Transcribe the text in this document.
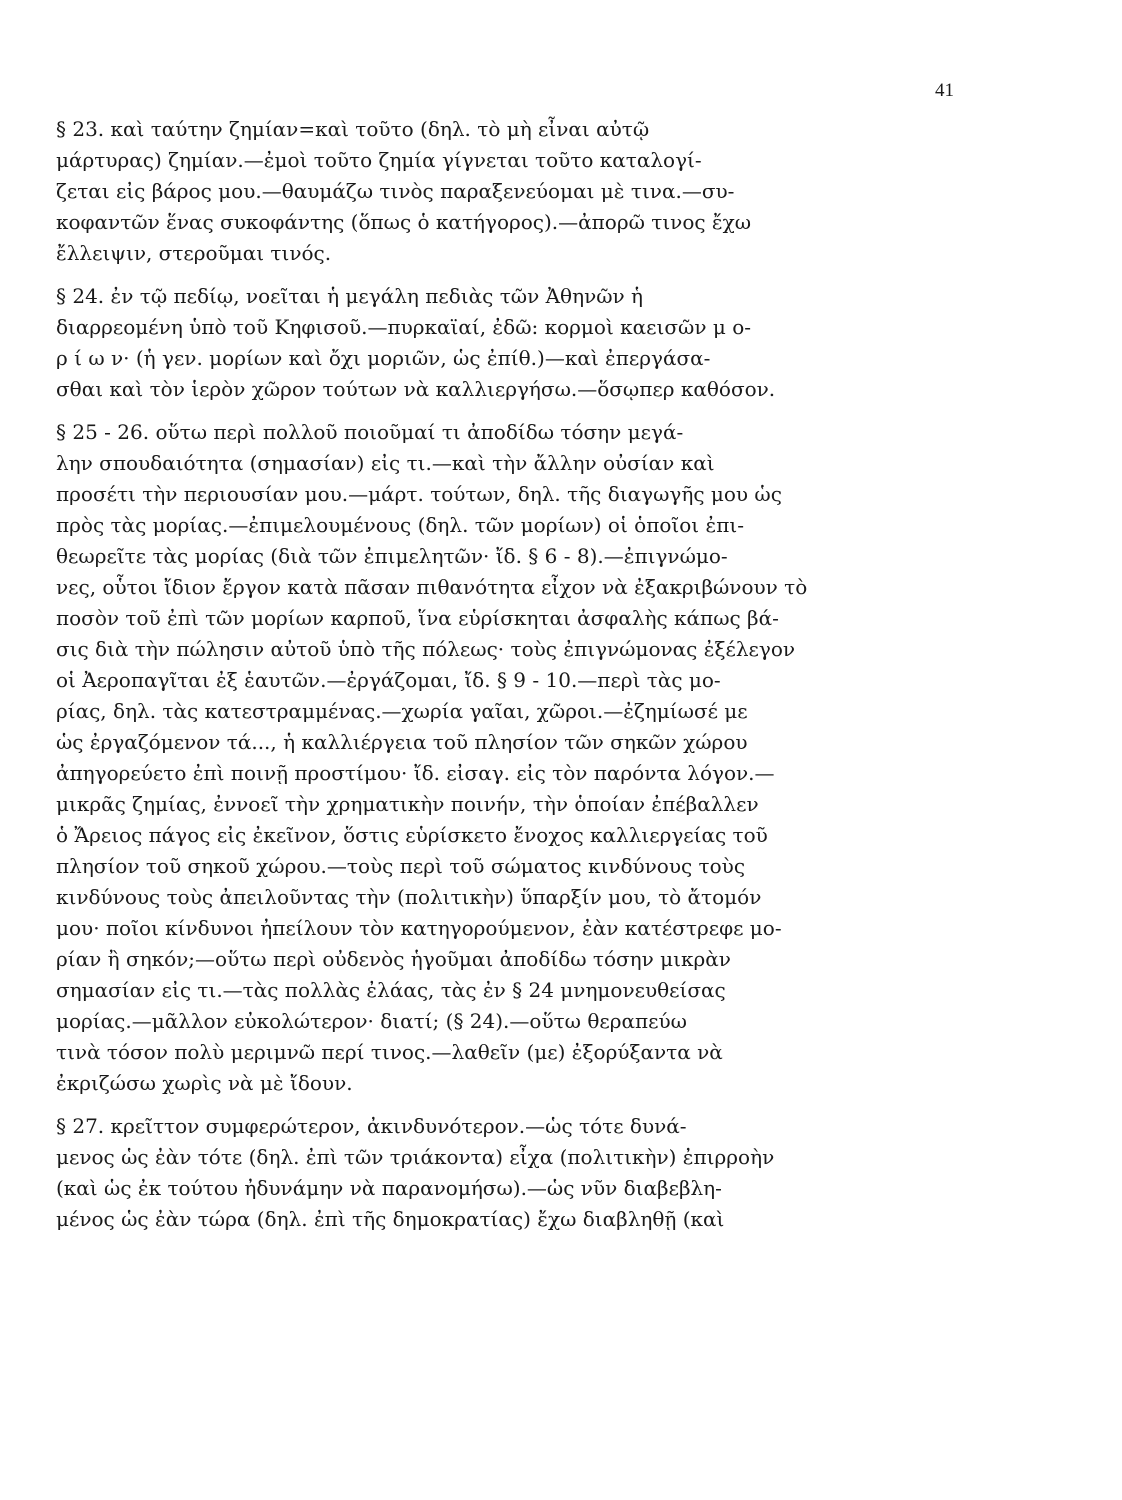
41
§ 23. καὶ ταύτην ζημίαν=καὶ τοῦτο (δηλ. τὸ μὴ εἶναι αὐτῷ
μάρτυρας) ζημίαν.—ἐμοὶ τοῦτο ζημία γίγνεται τοῦτο καταλογί-
ζεται εἰς βάρος μου.—θαυμάζω τινὸς παραξενεύομαι μὲ τινα.—συ-
κοφαντῶν ἕνας συκοφάντης (ὅπως ὁ κατήγορος).—ἀπορῶ τινος ἔχω
ἔλλειψιν, στεροῦμαι τινός.
§ 24. ἐν τῷ πεδίῳ, νοεῖται ἡ μεγάλη πεδιὰς τῶν Ἀθηνῶν ἡ
διαρρεομένη ὑπὸ τοῦ Κηφισοῦ.—πυρκαϊαί, ἐδῶ: κορμοὶ καεισῶν μ ο-
ρ ί ω ν· (ἡ γεν. μορίων καὶ ὄχι μοριῶν, ὡς ἐπίθ.)—καὶ ἐπεργάσα-
σθαι καὶ τὸν ἱερὸν χῶρον τούτων νὰ καλλιεργήσω.—ὅσῳπερ καθόσον.
§ 25 - 26. οὕτω περὶ πολλοῦ ποιοῦμαί τι ἀποδίδω τόσην μεγά-
λην σπουδαιότητα (σημασίαν) εἰς τι.—καὶ τὴν ἄλλην οὐσίαν καὶ
προσέτι τὴν περιουσίαν μου.—μάρτ. τούτων, δηλ. τῆς διαγωγῆς μου ὡς
πρὸς τὰς μορίας.—ἐπιμελουμένους (δηλ. τῶν μορίων) οἱ ὁποῖοι ἐπι-
θεωρεῖτε τὰς μορίας (διὰ τῶν ἐπιμελητῶν· ἴδ. § 6 - 8).—ἐπιγνώμο-
νες, οὗτοι ἴδιον ἔργον κατὰ πᾶσαν πιθανότητα εἶχον νὰ ἐξακριβώνουν τὸ
ποσὸν τοῦ ἐπὶ τῶν μορίων καρποῦ, ἵνα εὑρίσκηται ἀσφαλὴς κάπως βά-
σις διὰ τὴν πώλησιν αὐτοῦ ὑπὸ τῆς πόλεως· τοὺς ἐπιγνώμονας ἐξέλεγον
οἱ Ἀεροπαγῖται ἐξ ἑαυτῶν.—ἐργάζομαι, ἴδ. § 9 - 10.—περὶ τὰς μο-
ρίας, δηλ. τὰς κατεστραμμένας.—χωρία γαῖαι, χῶροι.—ἐζημίωσέ με
ὡς ἐργαζόμενον τά..., ἡ καλλιέργεια τοῦ πλησίον τῶν σηκῶν χώρου
ἀπηγορεύετο ἐπὶ ποινῇ προστίμου· ἴδ. εἰσαγ. εἰς τὸν παρόντα λόγον.—
μικρᾶς ζημίας, ἐννοεῖ τὴν χρηματικὴν ποινήν, τὴν ὁποίαν ἐπέβαλλεν
ὁ Ἄρειος πάγος εἰς ἐκεῖνον, ὅστις εὑρίσκετο ἔνοχος καλλιεργείας τοῦ
πλησίον τοῦ σηκοῦ χώρου.—τοὺς περὶ τοῦ σώματος κινδύνους τοὺς
κινδύνους τοὺς ἀπειλοῦντας τὴν (πολιτικὴν) ὕπαρξίν μου, τὸ ἄτομόν
μου· ποῖοι κίνδυνοι ἠπείλουν τὸν κατηγορούμενον, ἐὰν κατέστρεφε μο-
ρίαν ἢ σηκόν;—οὕτω περὶ οὐδενὸς ἡγοῦμαι ἀποδίδω τόσην μικρὰν
σημασίαν εἰς τι.—τὰς πολλὰς ἐλάας, τὰς ἐν § 24 μνημονευθείσας
μορίας.—μᾶλλον εὐκολώτερον· διατί; (§ 24).—οὕτω θεραπεύω
τινὰ τόσον πολὺ μεριμνῶ περί τινος.—λαθεῖν (με) ἐξορύξαντα νὰ
ἐκριζώσω χωρὶς νὰ μὲ ἴδουν.
§ 27. κρεῖττον συμφερώτερον, ἀκινδυνότερον.—ὡς τότε δυνά-
μενος ὡς ἐὰν τότε (δηλ. ἐπὶ τῶν τριάκοντα) εἶχα (πολιτικὴν) ἐπιρροὴν
(καὶ ὡς ἐκ τούτου ἠδυνάμην νὰ παρανομήσω).—ὡς νῦν διαβεβλη-
μένος ὡς ἐὰν τώρα (δηλ. ἐπὶ τῆς δημοκρατίας) ἔχω διαβληθῇ (καὶ
